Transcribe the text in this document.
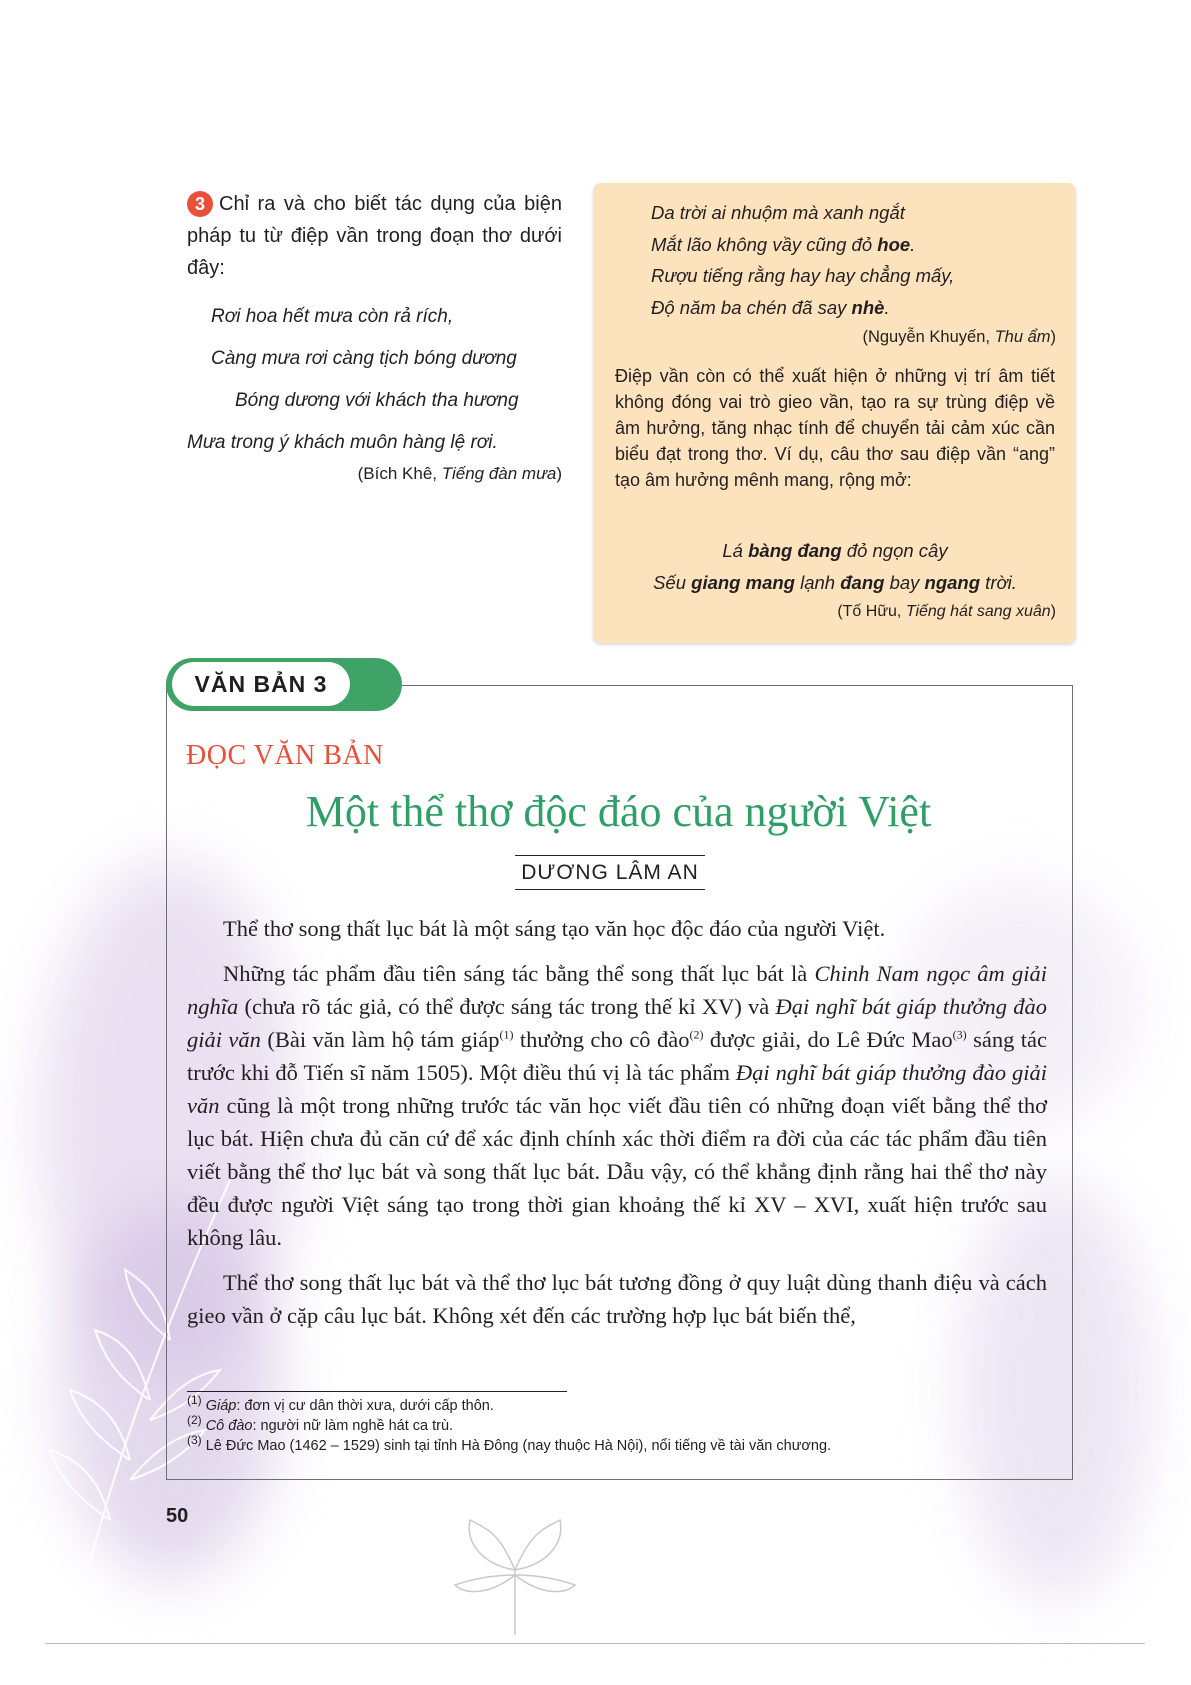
3 Chỉ ra và cho biết tác dụng của biện pháp tu từ điệp vần trong đoạn thơ dưới đây:
Rơi hoa hết mưa còn rả rích,
Càng mưa rơi càng tịch bóng dương
Bóng dương với khách tha hương
Mưa trong ý khách muôn hàng lệ rơi.
(Bích Khê, Tiếng đàn mưa)
Da trời ai nhuộm mà xanh ngắt
Mắt lão không vầy cũng đỏ hoe.
Rượu tiếng rằng hay hay chẳng mấy,
Độ năm ba chén đã say nhè.
(Nguyễn Khuyến, Thu ẩm)
Điệp vần còn có thể xuất hiện ở những vị trí âm tiết không đóng vai trò gieo vần, tạo ra sự trùng điệp về âm hưởng, tăng nhạc tính để chuyển tải cảm xúc cần biểu đạt trong thơ. Ví dụ, câu thơ sau điệp vần “ang” tạo âm hưởng mênh mang, rộng mở:
Lá bàng đang đỏ ngọn cây
Sếu giang mang lạnh đang bay ngang trời.
(Tố Hữu, Tiếng hát sang xuân)
VĂN BẢN 3
ĐỌC VĂN BẢN
Một thể thơ độc đáo của người Việt
DƯƠNG LÂM AN

Thể thơ song thất lục bát là một sáng tạo văn học độc đáo của người Việt.

Những tác phẩm đầu tiên sáng tác bằng thể song thất lục bát là Chinh Nam ngọc âm giải nghĩa (chưa rõ tác giả, có thể được sáng tác trong thế kỉ XV) và Đại nghĩ bát giáp thưởng đào giải văn (Bài văn làm hộ tám giáp$^{(1)}$ thưởng cho cô đào$^{(2)}$ được giải, do Lê Đức Mao$^{(3)}$ sáng tác trước khi đỗ Tiến sĩ năm 1505). Một điều thú vị là tác phẩm Đại nghĩ bát giáp thưởng đào giải văn cũng là một trong những trước tác văn học viết đầu tiên có những đoạn viết bằng thể thơ lục bát. Hiện chưa đủ căn cứ để xác định chính xác thời điểm ra đời của các tác phẩm đầu tiên viết bằng thể thơ lục bát và song thất lục bát. Dẫu vậy, có thể khẳng định rằng hai thể thơ này đều được người Việt sáng tạo trong thời gian khoảng thế kỉ XV – XVI, xuất hiện trước sau không lâu.

Thể thơ song thất lục bát và thể thơ lục bát tương đồng ở quy luật dùng thanh điệu và cách gieo vần ở cặp câu lục bát. Không xét đến các trường hợp lục bát biến thể,

$^{(1)}$ Giáp: đơn vị cư dân thời xưa, dưới cấp thôn.
$^{(2)}$ Cô đào: người nữ làm nghề hát ca trù.
$^{(3)}$ Lê Đức Mao (1462 – 1529) sinh tại tỉnh Hà Đông (nay thuộc Hà Nội), nổi tiếng về tài văn chương.
50
